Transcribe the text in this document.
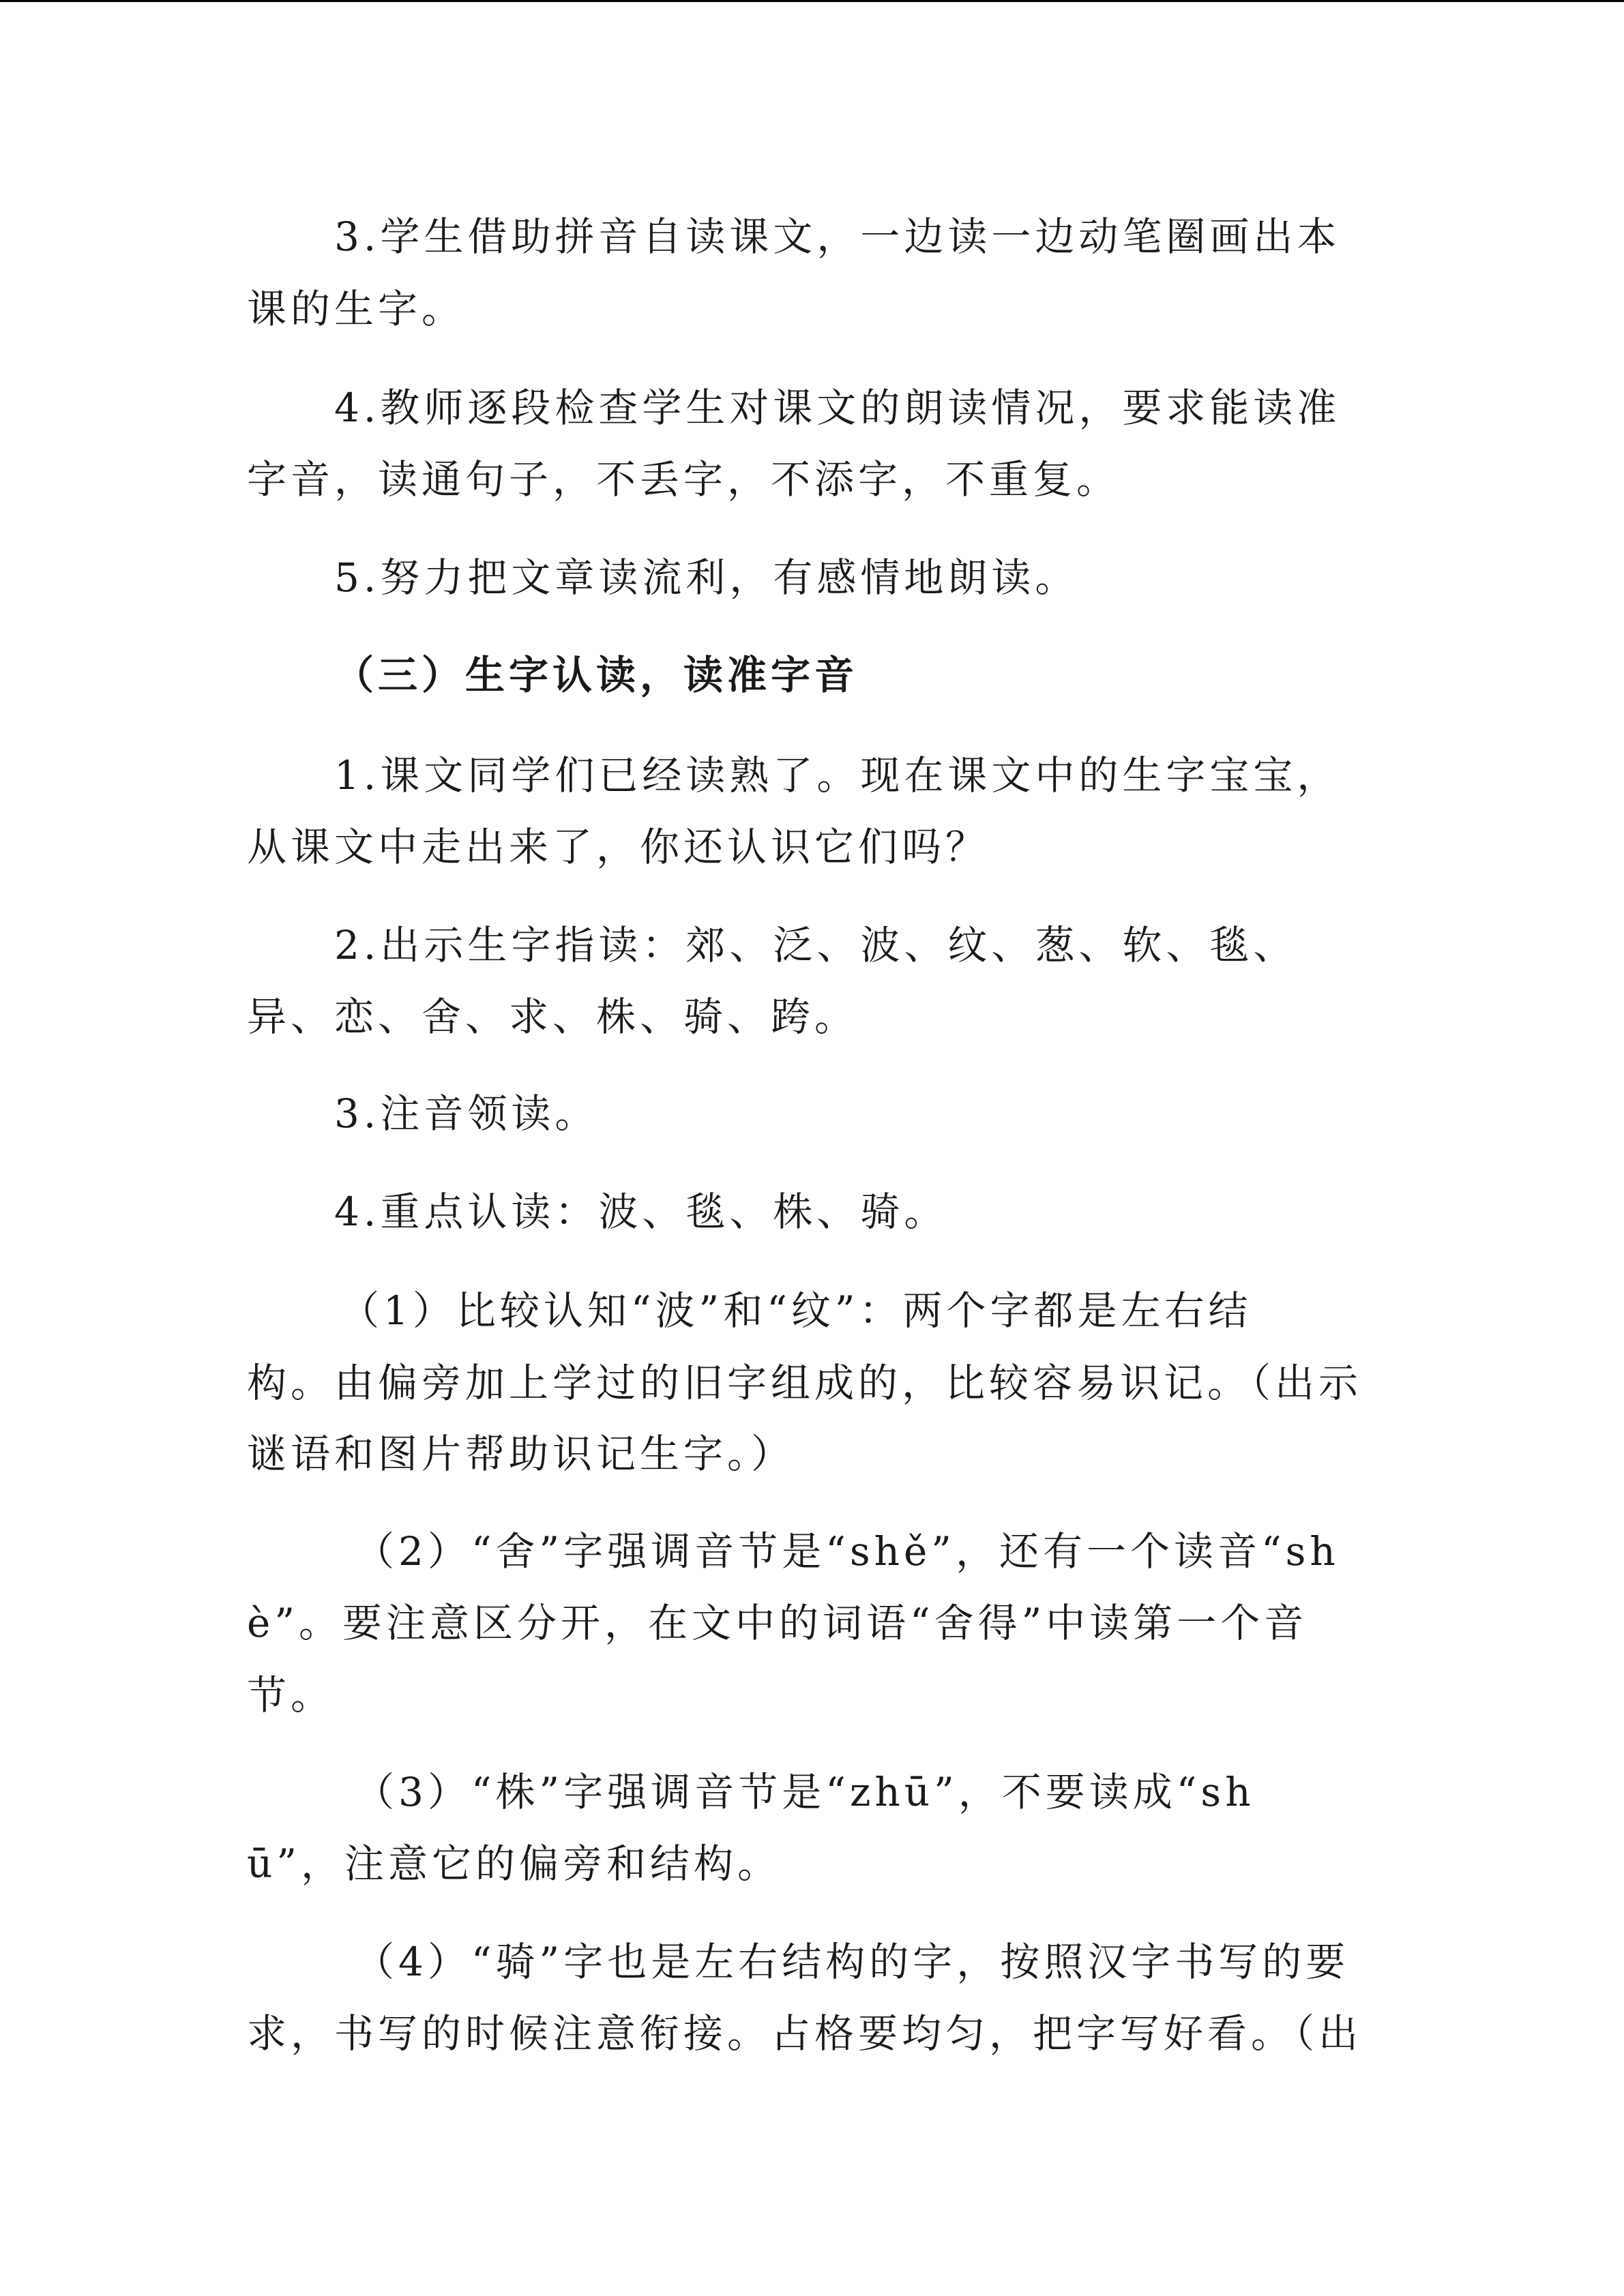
3.学生借助拼音自读课文，一边读一边动笔圈画出本
课的生字。
4.教师逐段检查学生对课文的朗读情况，要求能读准
字音，读通句子，不丢字，不添字，不重复。
5.努力把文章读流利，有感情地朗读。
（三）生字认读，读准字音
1.课文同学们已经读熟了。现在课文中的生字宝宝，
从课文中走出来了，你还认识它们吗？
2.出示生字指读：郊、泛、波、纹、葱、软、毯、
异、恋、舍、求、株、骑、跨。
3.注音领读。
4.重点认读：波、毯、株、骑。
（1）比较认知“波”和“纹”：两个字都是左右结
构。由偏旁加上学过的旧字组成的，比较容易识记。（出示
谜语和图片帮助识记生字。）
（2）“舍”字强调音节是“shě”，还有一个读音“sh
è”。要注意区分开，在文中的词语“舍得”中读第一个音
节。
（3）“株”字强调音节是“zhū”，不要读成“sh
ū”，注意它的偏旁和结构。
（4）“骑”字也是左右结构的字，按照汉字书写的要
求，书写的时候注意衔接。占格要均匀，把字写好看。（出
